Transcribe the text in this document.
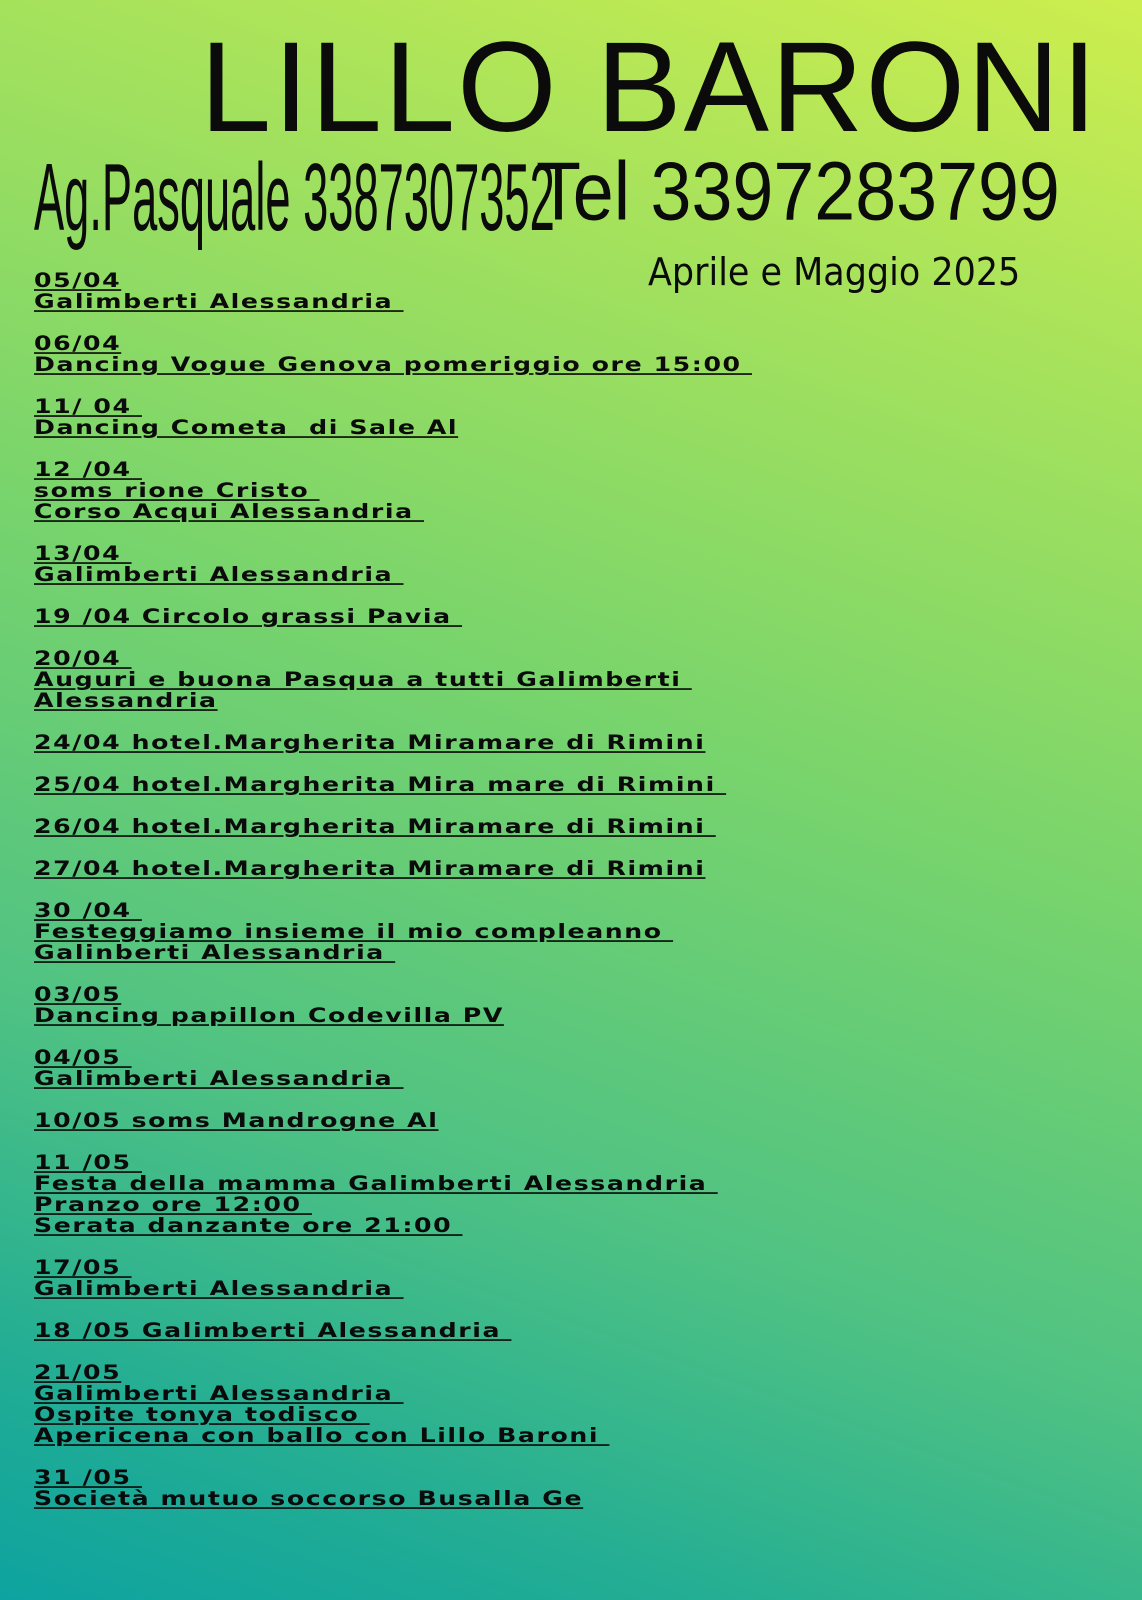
LILLO BARONI
Ag.Pasquale 3387307352
Tel 3397283799
Aprile e Maggio 2025
05/04
Galimberti Alessandria
06/04
Dancing Vogue Genova pomeriggio ore 15:00
11/ 04
Dancing Cometa  di Sale Al
12 /04
soms rione Cristo
Corso Acqui Alessandria
13/04
Galimberti Alessandria
19 /04 Circolo grassi Pavia
20/04
Auguri e buona Pasqua a tutti Galimberti
Alessandria
24/04 hotel.Margherita Miramare di Rimini
25/04 hotel.Margherita Mira mare di Rimini
26/04 hotel.Margherita Miramare di Rimini
27/04 hotel.Margherita Miramare di Rimini
30 /04
Festeggiamo insieme il mio compleanno
Galinberti Alessandria
03/05
Dancing papillon Codevilla PV
04/05
Galimberti Alessandria
10/05 soms Mandrogne Al
11 /05
Festa della mamma Galimberti Alessandria
Pranzo ore 12:00
Serata danzante ore 21:00
17/05
Galimberti Alessandria
18 /05 Galimberti Alessandria
21/05
Galimberti Alessandria
Ospite tonya todisco
Apericena con ballo con Lillo Baroni
31 /05
Società mutuo soccorso Busalla Ge
